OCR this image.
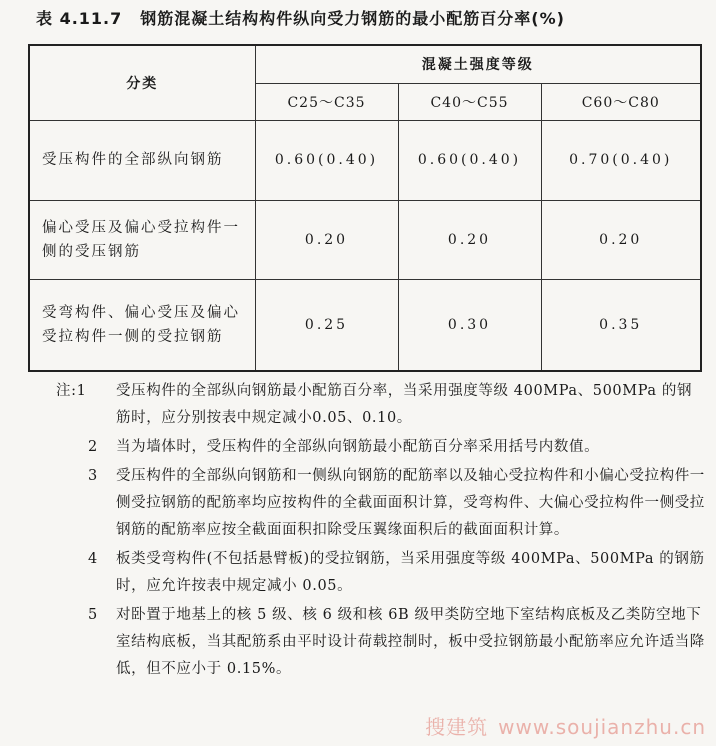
表 4.11.7 钢筋混凝土结构构件纵向受力钢筋的最小配筋百分率(%)
分类	混凝土强度等级		
	C25～C35	C40～C55	C60～C80
受压构件的全部纵向钢筋	0.60(0.40)	0.60(0.40)	0.70(0.40)
偏心受压及偏心受拉构件一侧的受压钢筋	0.20	0.20	0.20
受弯构件、偏心受压及偏心受拉构件一侧的受拉钢筋	0.25	0.30	0.35
注:1	受压构件的全部纵向钢筋最小配筋百分率，当采用强度等级 400MPa、500MPa 的钢筋时，应分别按表中规定减小0.05、0.10。
2	当为墙体时，受压构件的全部纵向钢筋最小配筋百分率采用括号内数值。
3	受压构件的全部纵向钢筋和一侧纵向钢筋的配筋率以及轴心受拉构件和小偏心受拉构件一侧受拉钢筋的配筋率均应按构件的全截面面积计算，受弯构件、大偏心受拉构件一侧受拉钢筋的配筋率应按全截面面积扣除受压翼缘面积后的截面面积计算。
4	板类受弯构件(不包括悬臂板)的受拉钢筋，当采用强度等级 400MPa、500MPa 的钢筋时，应允许按表中规定减小 0.05。
5	对卧置于地基上的核 5 级、核 6 级和核 6B 级甲类防空地下室结构底板及乙类防空地下室结构底板，当其配筋系由平时设计荷载控制时，板中受拉钢筋最小配筋率应允许适当降低，但不应小于 0.15%。
搜建筑 www.soujianzhu.cn
